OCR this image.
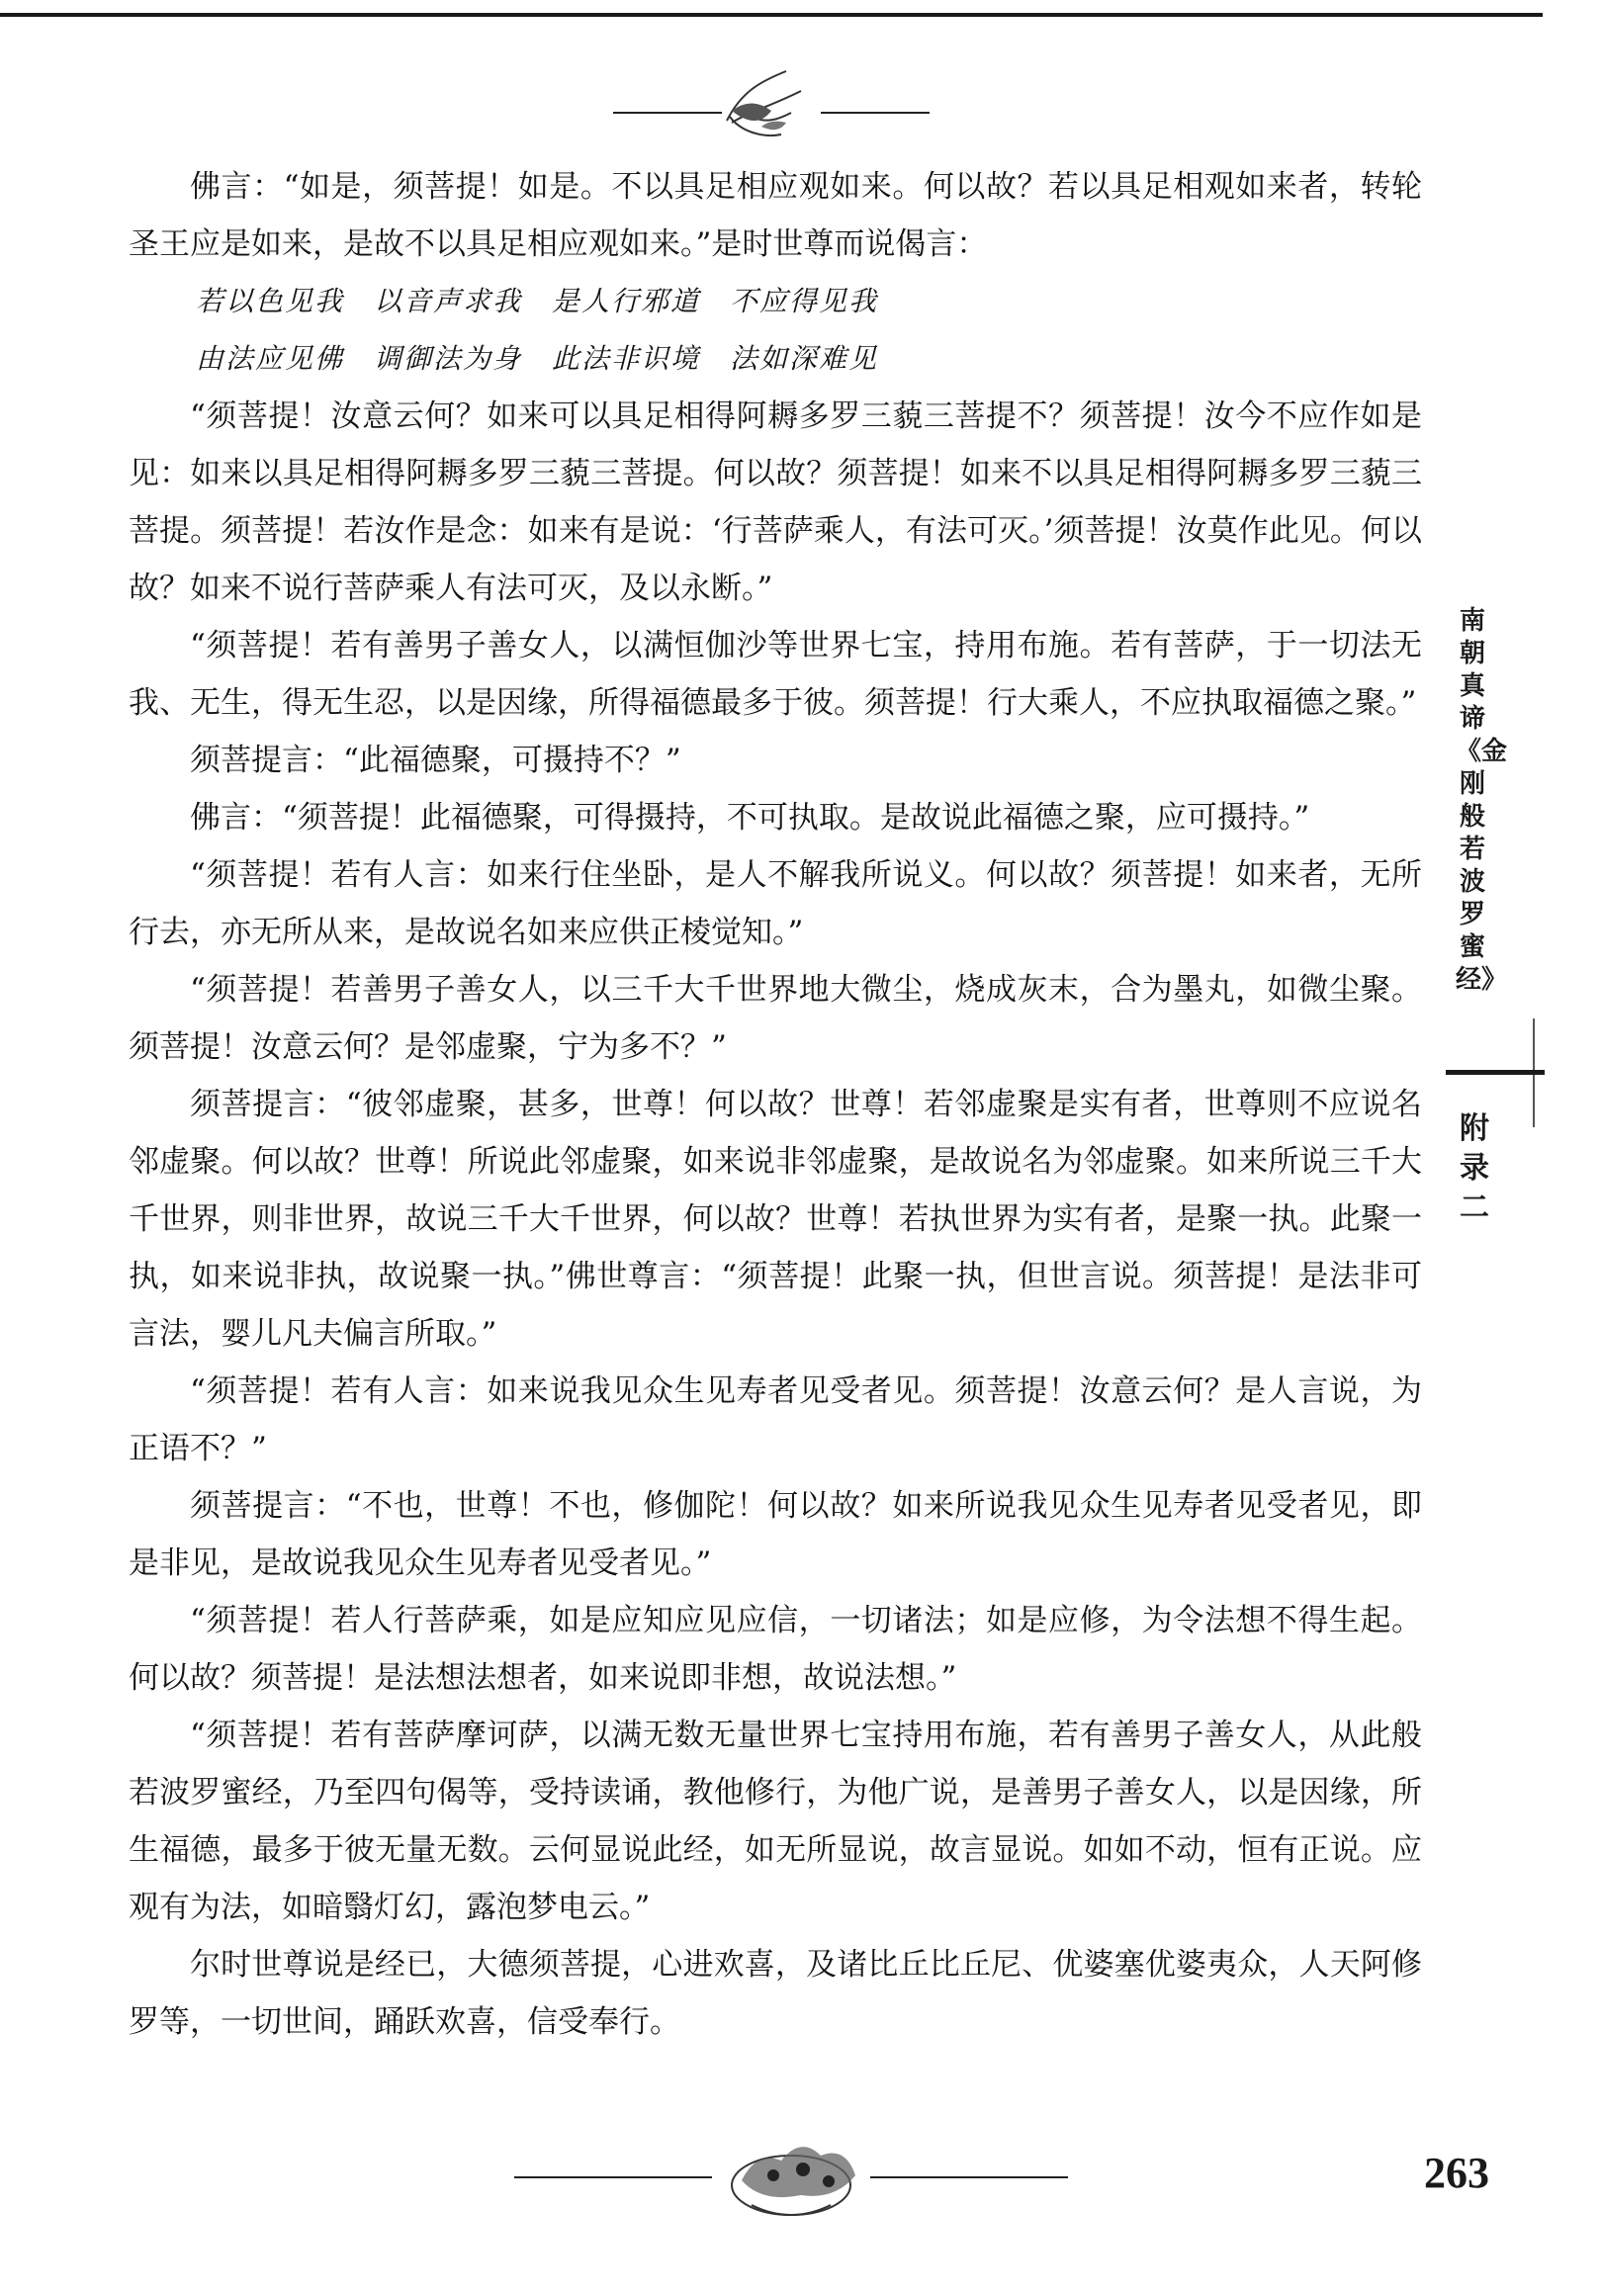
佛言：“如是，须菩提！如是。不以具足相应观如来。何以故？若以具足相观如来者，转轮圣王应是如来，是故不以具足相应观如来。”是时世尊而说偈言：

若以色见我　以音声求我　是人行邪道　不应得见我
由法应见佛　调御法为身　此法非识境　法如深难见

“须菩提！汝意云何？如来可以具足相得阿耨多罗三藐三菩提不？须菩提！汝今不应作如是见：如来以具足相得阿耨多罗三藐三菩提。何以故？须菩提！如来不以具足相得阿耨多罗三藐三菩提。须菩提！若汝作是念：如来有是说：‘行菩萨乘人，有法可灭。’须菩提！汝莫作此见。何以故？如来不说行菩萨乘人有法可灭，及以永断。”

“须菩提！若有善男子善女人，以满恒伽沙等世界七宝，持用布施。若有菩萨，于一切法无我、无生，得无生忍，以是因缘，所得福德最多于彼。须菩提！行大乘人，不应执取福德之聚。”

须菩提言：“此福德聚，可摄持不？”

佛言：“须菩提！此福德聚，可得摄持，不可执取。是故说此福德之聚，应可摄持。”

“须菩提！若有人言：如来行住坐卧，是人不解我所说义。何以故？须菩提！如来者，无所行去，亦无所从来，是故说名如来应供正棱觉知。”

“须菩提！若善男子善女人，以三千大千世界地大微尘，烧成灰末，合为墨丸，如微尘聚。须菩提！汝意云何？是邻虚聚，宁为多不？”

须菩提言：“彼邻虚聚，甚多，世尊！何以故？世尊！若邻虚聚是实有者，世尊则不应说名邻虚聚。何以故？世尊！所说此邻虚聚，如来说非邻虚聚，是故说名为邻虚聚。如来所说三千大千世界，则非世界，故说三千大千世界，何以故？世尊！若执世界为实有者，是聚一执。此聚一执，如来说非执，故说聚一执。”佛世尊言：“须菩提！此聚一执，但世言说。须菩提！是法非可言法，婴儿凡夫偏言所取。”

“须菩提！若有人言：如来说我见众生见寿者见受者见。须菩提！汝意云何？是人言说，为正语不？”

须菩提言：“不也，世尊！不也，修伽陀！何以故？如来所说我见众生见寿者见受者见，即是非见，是故说我见众生见寿者见受者见。”

“须菩提！若人行菩萨乘，如是应知应见应信，一切诸法；如是应修，为令法想不得生起。何以故？须菩提！是法想法想者，如来说即非想，故说法想。”

“须菩提！若有菩萨摩诃萨，以满无数无量世界七宝持用布施，若有善男子善女人，从此般若波罗蜜经，乃至四句偈等，受持读诵，教他修行，为他广说，是善男子善女人，以是因缘，所生福德，最多于彼无量无数。云何显说此经，如无所显说，故言显说。如如不动，恒有正说。应观有为法，如暗翳灯幻，露泡梦电云。”

尔时世尊说是经已，大德须菩提，心进欢喜，及诸比丘比丘尼、优婆塞优婆夷众，人天阿修罗等，一切世间，踊跃欢喜，信受奉行。

南朝真谛《金刚般若波罗蜜经》
附录二
263
